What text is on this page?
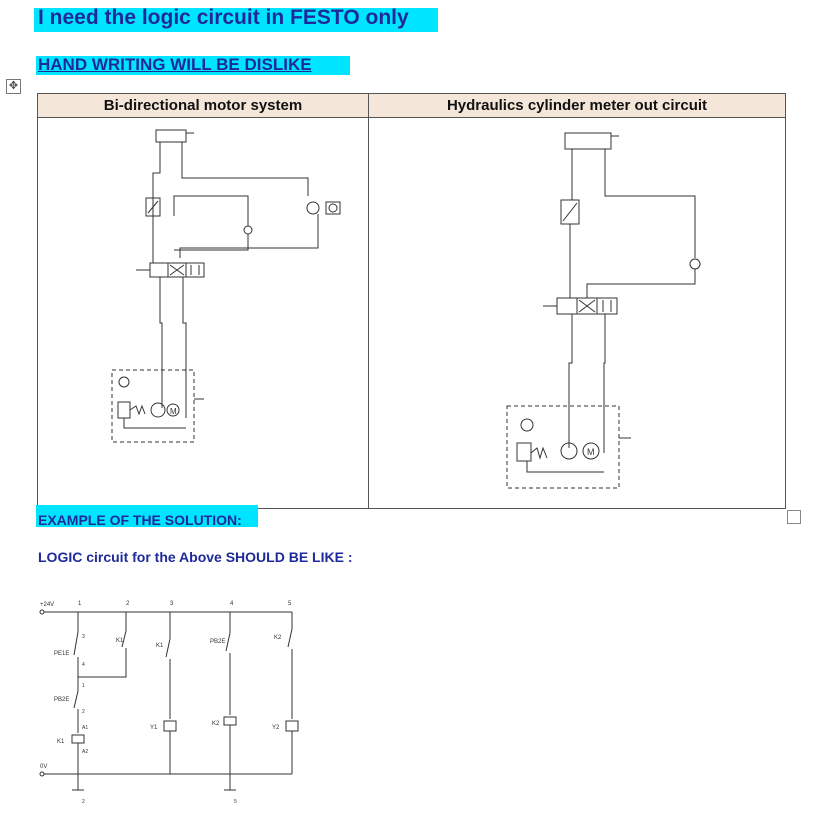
I need the logic circuit in FESTO only
HAND WRITING WILL BE DISLIKE
✥
Bi-directional motor system	Hydraulics cylinder meter out circuit

M	M
EXAMPLE OF THE SOLUTION:
LOGIC circuit for the Above SHOULD BE LIKE :
+24V
0V
1	2	3	4	5
PE1E
PB2E
K1
3
4
1
2
A1
A2
K1
K1
Y1
PB2E
K2
K2
Y2
2	5
